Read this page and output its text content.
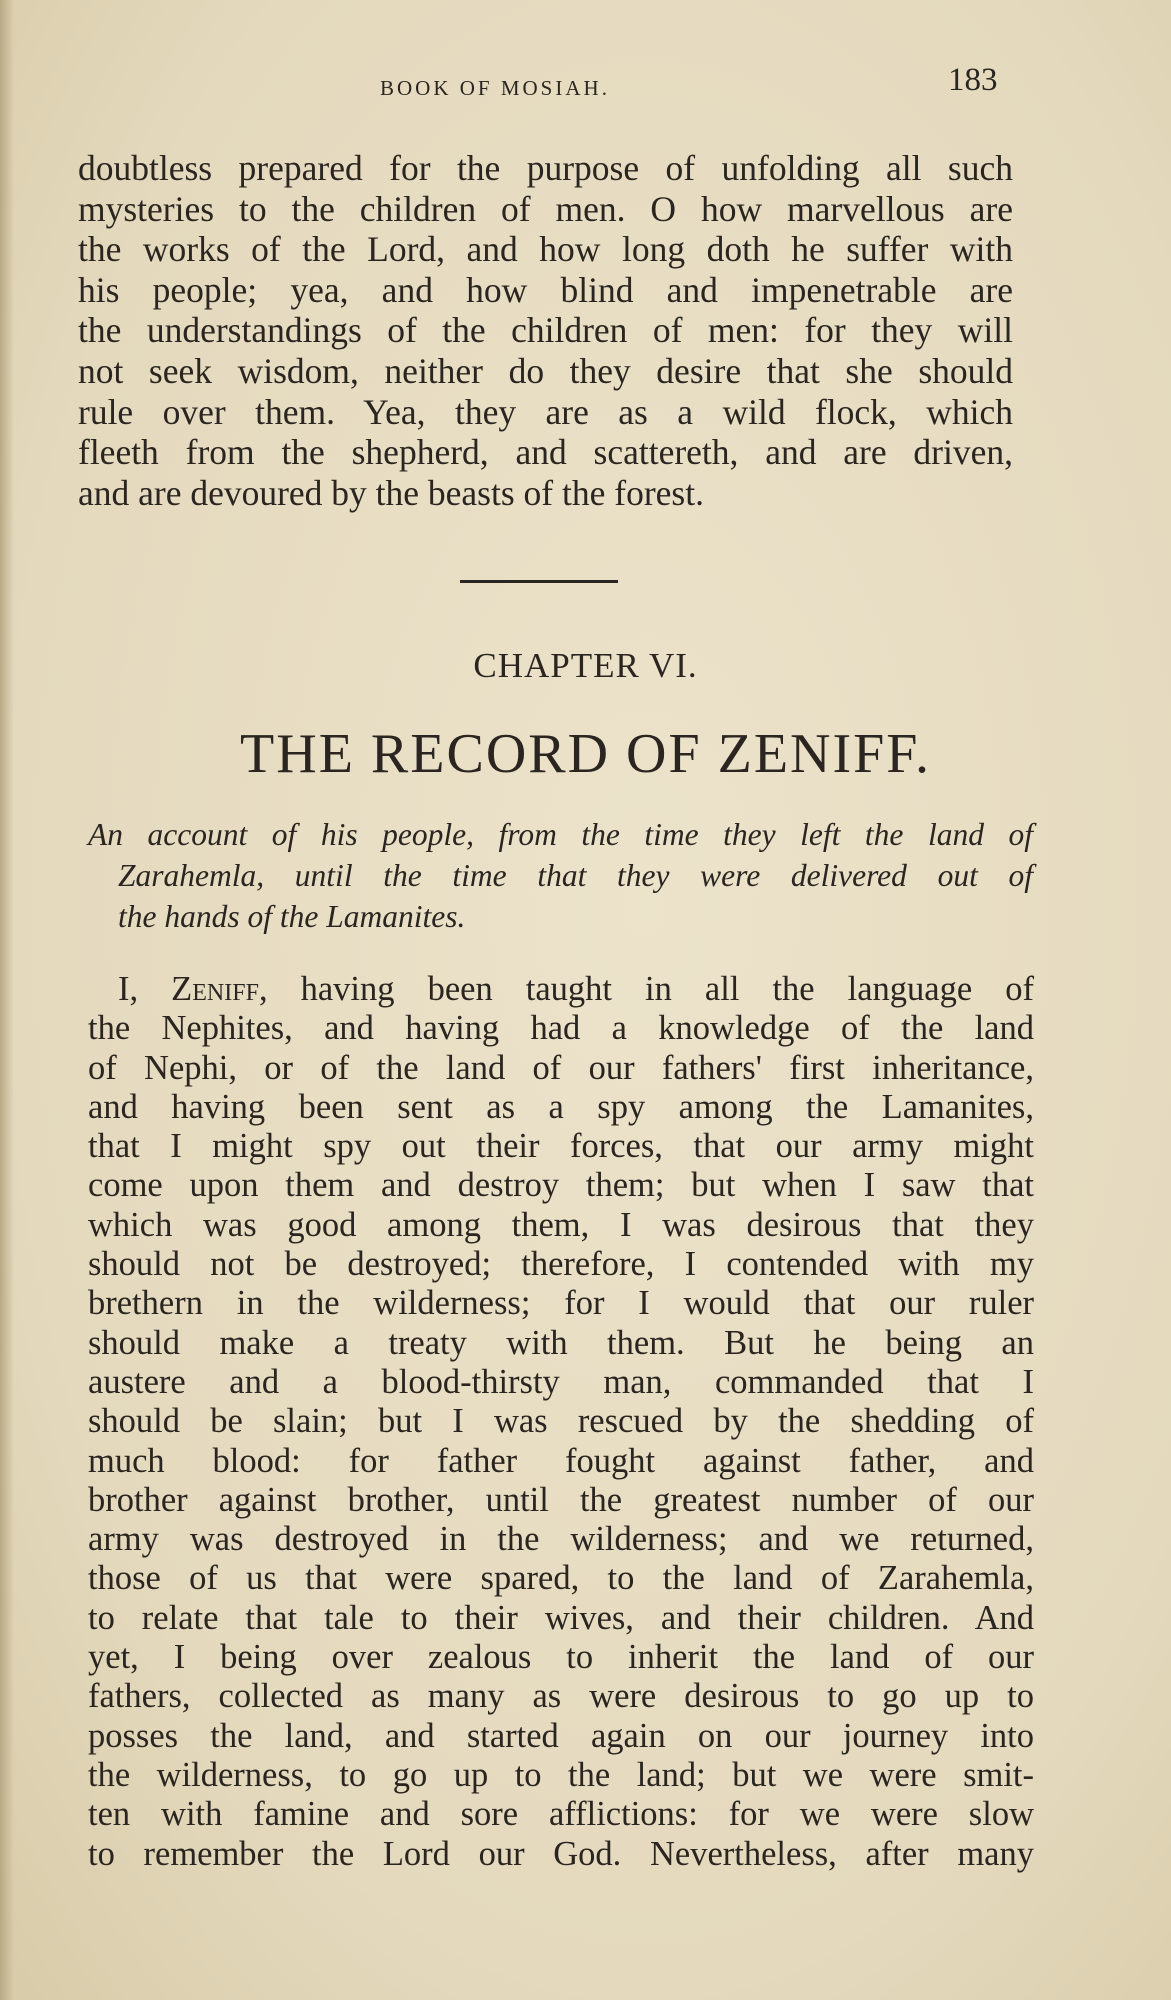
BOOK OF MOSIAH.	183
doubtless prepared for the purpose of unfolding all such
mysteries to the children of men. O how marvellous are
the works of the Lord, and how long doth he suffer with
his people; yea, and how blind and impenetrable are
the understandings of the children of men: for they will
not seek wisdom, neither do they desire that she should
rule over them. Yea, they are as a wild flock, which
fleeth from the shepherd, and scattereth, and are driven,
and are devoured by the beasts of the forest.
CHAPTER VI.
THE RECORD OF ZENIFF.
An account of his people, from the time they left the land of
Zarahemla, until the time that they were delivered out of
the hands of the Lamanites.
I, Zeniff, having been taught in all the language of
the Nephites, and having had a knowledge of the land
of Nephi, or of the land of our fathers' first inheritance,
and having been sent as a spy among the Lamanites,
that I might spy out their forces, that our army might
come upon them and destroy them; but when I saw that
which was good among them, I was desirous that they
should not be destroyed; therefore, I contended with my
brethern in the wilderness; for I would that our ruler
should make a treaty with them. But he being an
austere and a blood-thirsty man, commanded that I
should be slain; but I was rescued by the shedding of
much blood: for father fought against father, and
brother against brother, until the greatest number of our
army was destroyed in the wilderness; and we returned,
those of us that were spared, to the land of Zarahemla,
to relate that tale to their wives, and their children. And
yet, I being over zealous to inherit the land of our
fathers, collected as many as were desirous to go up to
posses the land, and started again on our journey into
the wilderness, to go up to the land; but we were smit-
ten with famine and sore afflictions: for we were slow
to remember the Lord our God. Nevertheless, after many
